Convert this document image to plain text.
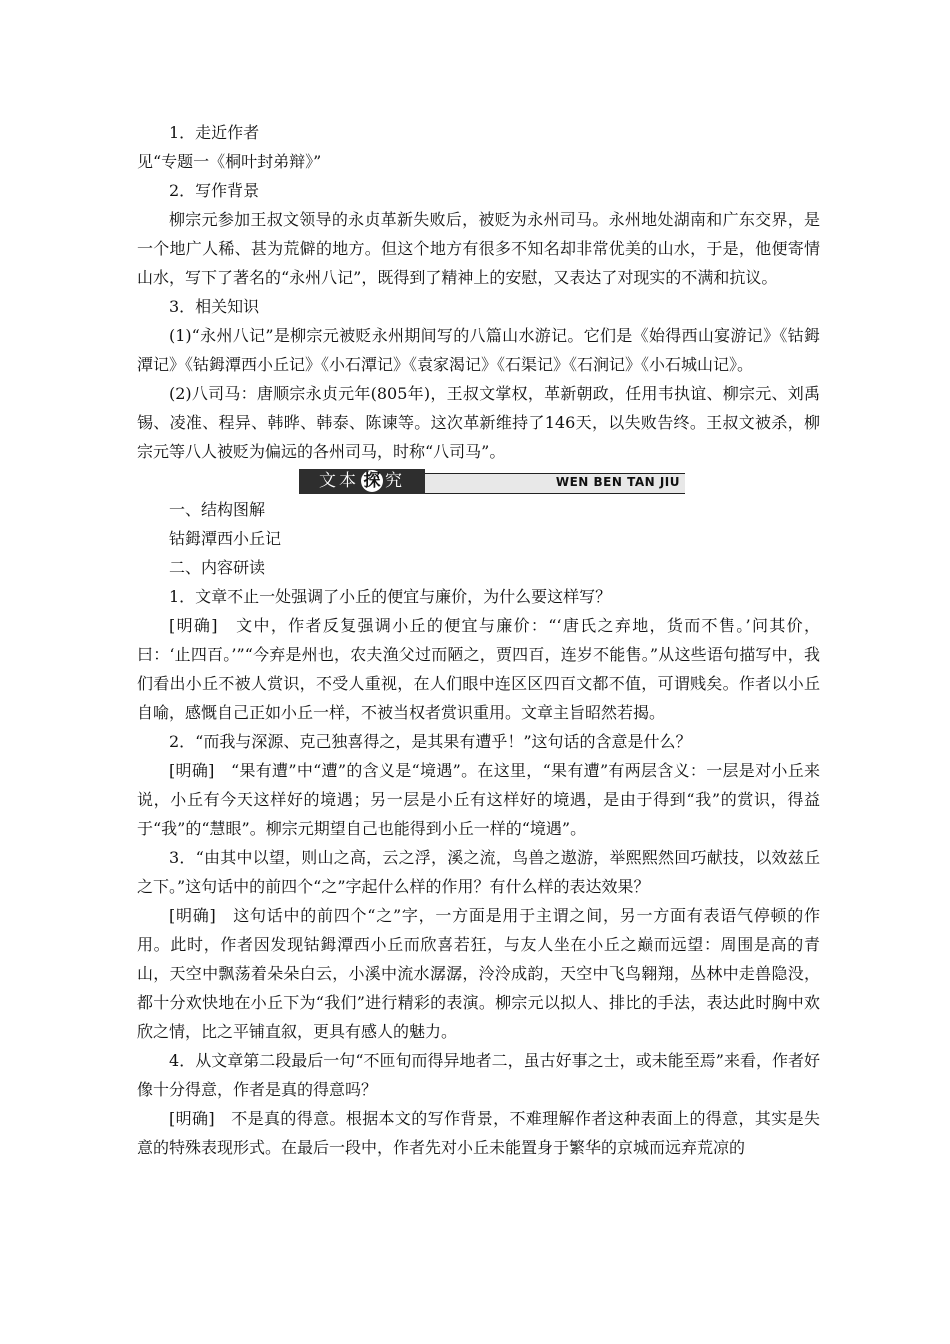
1．走近作者

见“专题一《桐叶封弟辩》”

2．写作背景

柳宗元参加王叔文领导的永贞革新失败后，被贬为永州司马。永州地处湖南和广东交界，是一个地广人稀、甚为荒僻的地方。但这个地方有很多不知名却非常优美的山水，于是，他便寄情山水，写下了著名的“永州八记”，既得到了精神上的安慰，又表达了对现实的不满和抗议。

3．相关知识

(1)“永州八记”是柳宗元被贬永州期间写的八篇山水游记。它们是《始得西山宴游记》《钴鉧潭记》《钴鉧潭西小丘记》《小石潭记》《袁家渴记》《石渠记》《石涧记》《小石城山记》。

(2)八司马：唐顺宗永贞元年(805年)，王叔文掌权，革新朝政，任用韦执谊、柳宗元、刘禹锡、凌准、程异、韩晔、韩泰、陈谏等。这次革新维持了146天，以失败告终。王叔文被杀，柳宗元等八人被贬为偏远的各州司马，时称“八司马”。

文本 探 究	WEN BEN TAN JIU

一、结构图解

钴鉧潭西小丘记

二、内容研读

1．文章不止一处强调了小丘的便宜与廉价，为什么要这样写？

[明确]　文中，作者反复强调小丘的便宜与廉价：“‘唐氏之弃地，货而不售。’问其价，曰：‘止四百。’”“今弃是州也，农夫渔父过而陋之，贾四百，连岁不能售。”从这些语句描写中，我们看出小丘不被人赏识，不受人重视，在人们眼中连区区四百文都不值，可谓贱矣。作者以小丘自喻，感慨自己正如小丘一样，不被当权者赏识重用。文章主旨昭然若揭。

2．“而我与深源、克己独喜得之，是其果有遭乎！”这句话的含意是什么？

[明确]　“果有遭”中“遭”的含义是“境遇”。在这里，“果有遭”有两层含义：一层是对小丘来说，小丘有今天这样好的境遇；另一层是小丘有这样好的境遇，是由于得到“我”的赏识，得益于“我”的“慧眼”。柳宗元期望自己也能得到小丘一样的“境遇”。

3．“由其中以望，则山之高，云之浮，溪之流，鸟兽之遨游，举熙熙然回巧献技，以效兹丘之下。”这句话中的前四个“之”字起什么样的作用？有什么样的表达效果？

[明确]　这句话中的前四个“之”字，一方面是用于主谓之间，另一方面有表语气停顿的作用。此时，作者因发现钴鉧潭西小丘而欣喜若狂，与友人坐在小丘之巅而远望：周围是高的青山，天空中飘荡着朵朵白云，小溪中流水潺潺，泠泠成韵，天空中飞鸟翱翔，丛林中走兽隐没，都十分欢快地在小丘下为“我们”进行精彩的表演。柳宗元以拟人、排比的手法，表达此时胸中欢欣之情，比之平铺直叙，更具有感人的魅力。

4．从文章第二段最后一句“不匝旬而得异地者二，虽古好事之士，或未能至焉”来看，作者好像十分得意，作者是真的得意吗？

[明确]　不是真的得意。根据本文的写作背景，不难理解作者这种表面上的得意，其实是失意的特殊表现形式。在最后一段中，作者先对小丘未能置身于繁华的京城而远弃荒凉的
